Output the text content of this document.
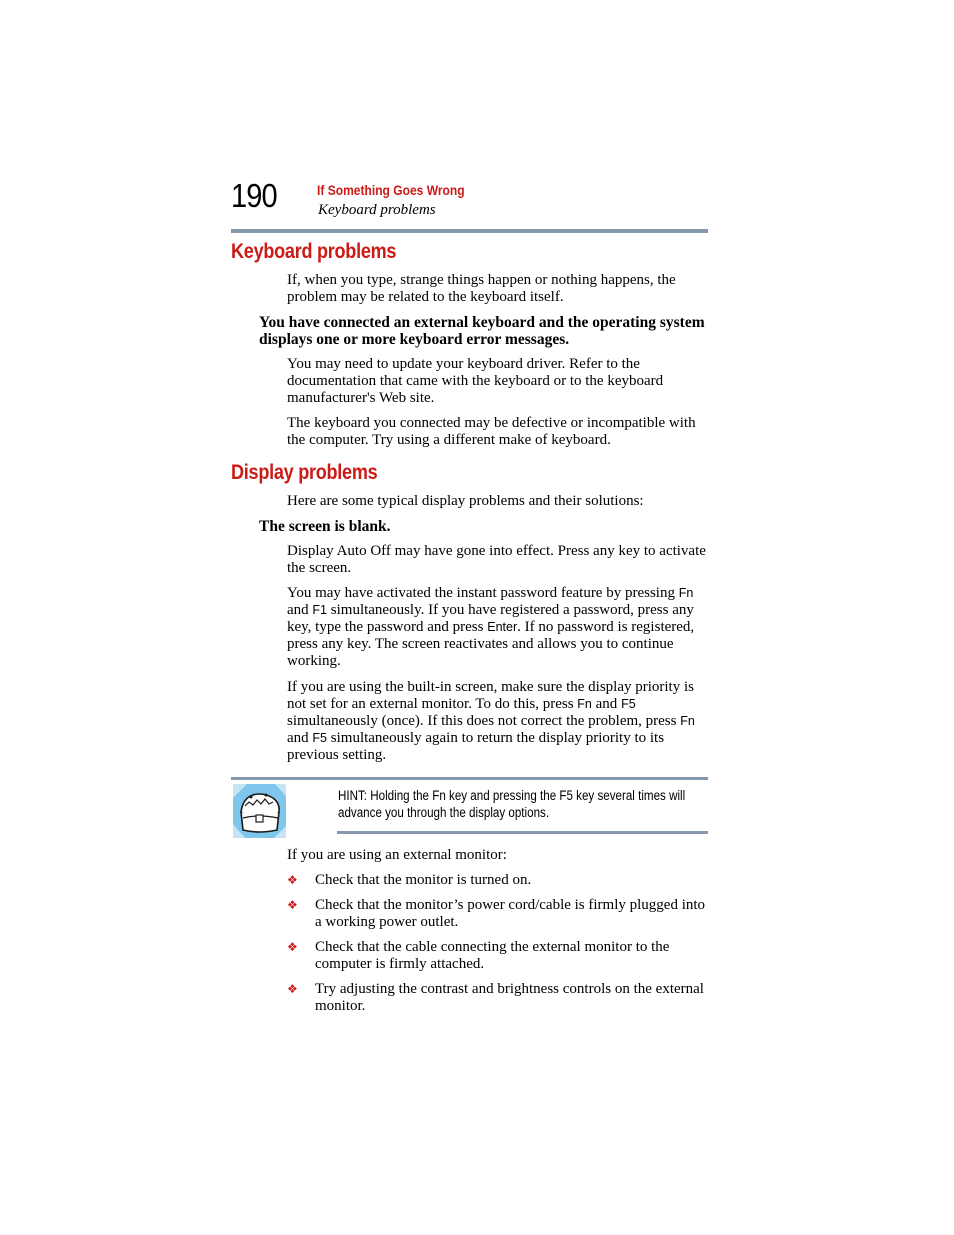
190	If Something Goes Wrong
Keyboard problems
Keyboard problems

If, when you type, strange things happen or nothing happens, the problem may be related to the keyboard itself.

You have connected an external keyboard and the operating system displays one or more keyboard error messages.

You may need to update your keyboard driver. Refer to the documentation that came with the keyboard or to the keyboard manufacturer's Web site.

The keyboard you connected may be defective or incompatible with the computer. Try using a different make of keyboard.

Display problems

Here are some typical display problems and their solutions:

The screen is blank.

Display Auto Off may have gone into effect. Press any key to activate the screen.

You may have activated the instant password feature by pressing Fn and F1 simultaneously. If you have registered a password, press any key, type the password and press Enter. If no password is registered, press any key. The screen reactivates and allows you to continue working.

If you are using the built-in screen, make sure the display priority is not set for an external monitor. To do this, press Fn and F5 simultaneously (once). If this does not correct the problem, press Fn and F5 simultaneously again to return the display priority to its previous setting.

HINT: Holding the Fn key and pressing the F5 key several times will advance you through the display options.

If you are using an external monitor:

❖ Check that the monitor is turned on.

❖ Check that the monitor’s power cord/cable is firmly plugged into a working power outlet.

❖ Check that the cable connecting the external monitor to the computer is firmly attached.

❖ Try adjusting the contrast and brightness controls on the external monitor.
